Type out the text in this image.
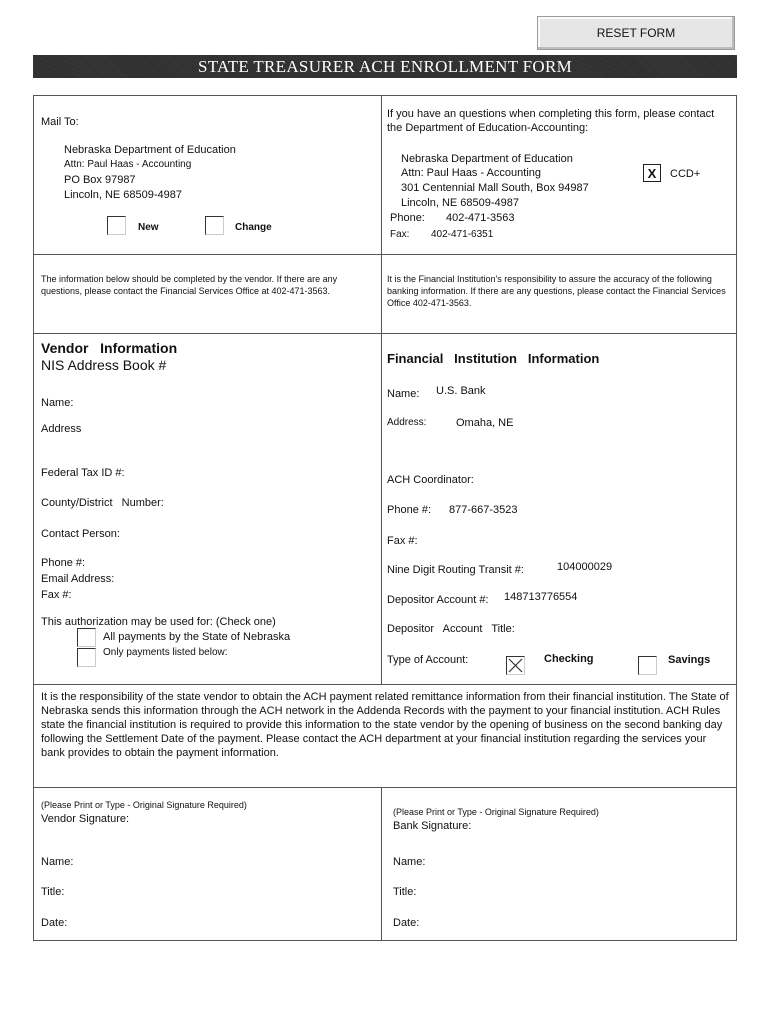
RESET FORM
STATE TREASURER ACH ENROLLMENT FORM
Mail To:
Nebraska Department of Education
Attn: Paul Haas - Accounting
PO Box 97987
Lincoln, NE 68509-4987
New	Change
If you have an questions when completing this form, please contact the Department of Education-Accounting:
Nebraska Department of Education
Attn: Paul Haas - Accounting
301 Centennial Mall South, Box 94987
Lincoln, NE 68509-4987
Phone: 402-471-3563
Fax: 402-471-6351
X	CCD+
The information below should be completed by the vendor. If there are any questions, please contact the Financial Services Office at 402-471-3563.
It is the Financial Institution's responsibility to assure the accuracy of the following banking information. If there are any questions, please contact the Financial Services Office 402-471-3563.
Vendor   Information
NIS Address Book #
Name:
Address
Federal Tax ID #:
County/District   Number:
Contact Person:
Phone #:
Email Address:
Fax #:
This authorization may be used for: (Check one)
All payments by the State of Nebraska
Only payments listed below:
Financial   Institution   Information
Name: U.S. Bank
Address:	Omaha, NE
ACH Coordinator:
Phone #: 877-667-3523
Fax #:
Nine Digit Routing Transit #:	104000029
Depositor Account #: 148713776554
Depositor   Account   Title:
Type of Account:	Checking	Savings
It is the responsibility of the state vendor to obtain the ACH payment related remittance information from their financial institution. The State of Nebraska sends this information through the ACH network in the Addenda Records with the payment to your financial institution. ACH Rules state the financial institution is required to provide this information to the state vendor by the opening of business on the second banking day following the Settlement Date of the payment. Please contact the ACH department at your financial institution regarding the services your bank provides to obtain the payment information.
(Please Print or Type - Original Signature Required)
Vendor Signature:
Name:
Title:
Date:
(Please Print or Type - Original Signature Required)
Bank Signature:
Name:
Title:
Date:
